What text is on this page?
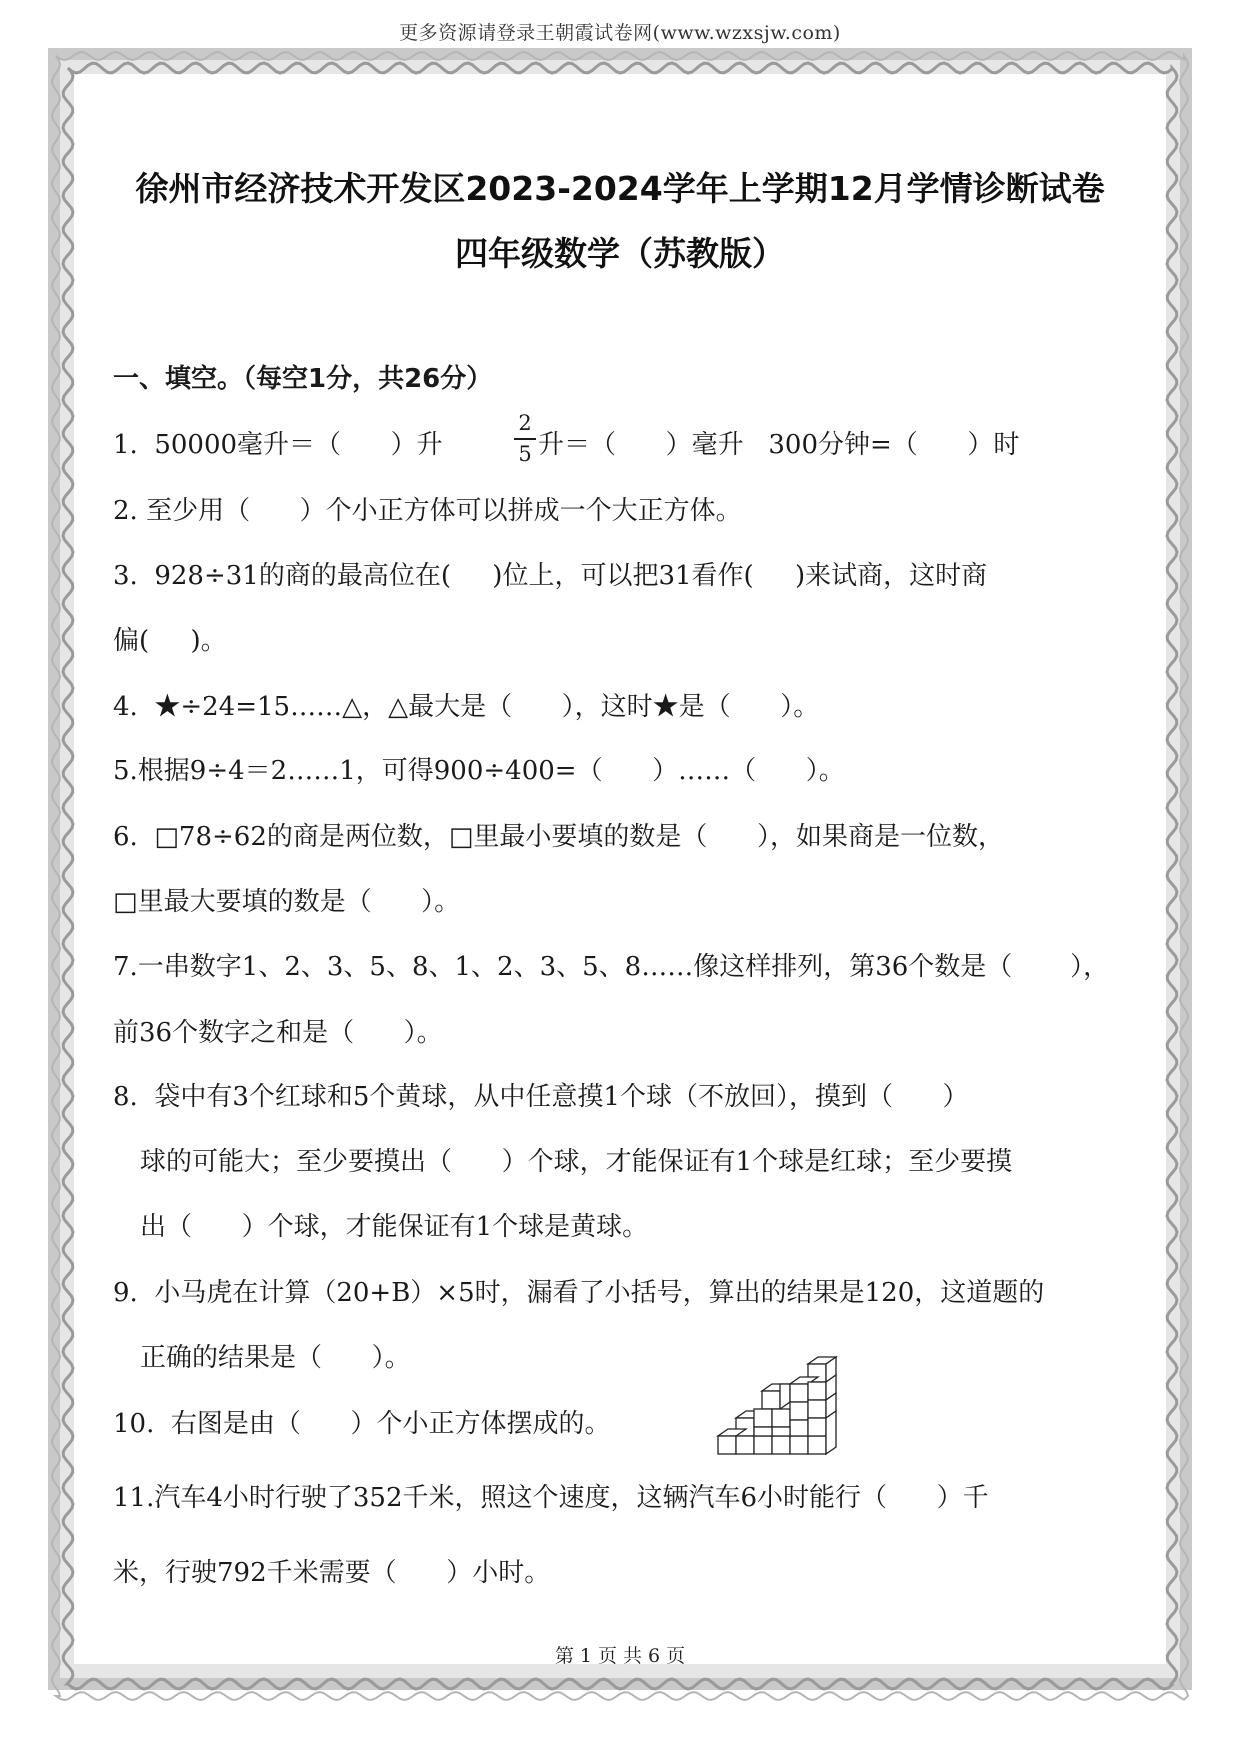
更多资源请登录王朝霞试卷网(www.wzxsjw.com)
徐州市经济技术开发区2023-2024学年上学期12月学情诊断试卷
四年级数学（苏教版）
一、填空。（每空1分，共26分）
1.  50000毫升＝（      ）升
2
5 升＝（      ）毫升   300分钟=（      ）时
2. 至少用（      ）个小正方体可以拼成一个大正方体。
3.  928÷31的商的最高位在(     )位上，可以把31看作(     )来试商，这时商
偏(     )。
4.  ★÷24=15……△，△最大是（      ），这时★是（      ）。
5.根据9÷4＝2……1，可得900÷400=（      ）……（      ）。
6.  □78÷62的商是两位数，□里最小要填的数是（      ），如果商是一位数，
□里最大要填的数是（      ）。
7.一串数字1、2、3、5、8、1、2、3、5、8……像这样排列，第36个数是（       ），
前36个数字之和是（      ）。
8.  袋中有3个红球和5个黄球，从中任意摸1个球（不放回），摸到（      ）
球的可能大；至少要摸出（      ）个球，才能保证有1个球是红球；至少要摸
出（      ）个球，才能保证有1个球是黄球。
9.  小马虎在计算（20+B）×5时，漏看了小括号，算出的结果是120，这道题的
正确的结果是（      ）。
10.  右图是由（      ）个小正方体摆成的。
11.汽车4小时行驶了352千米，照这个速度，这辆汽车6小时能行（      ）千
米，行驶792千米需要（      ）小时。
第 1 页 共 6 页
